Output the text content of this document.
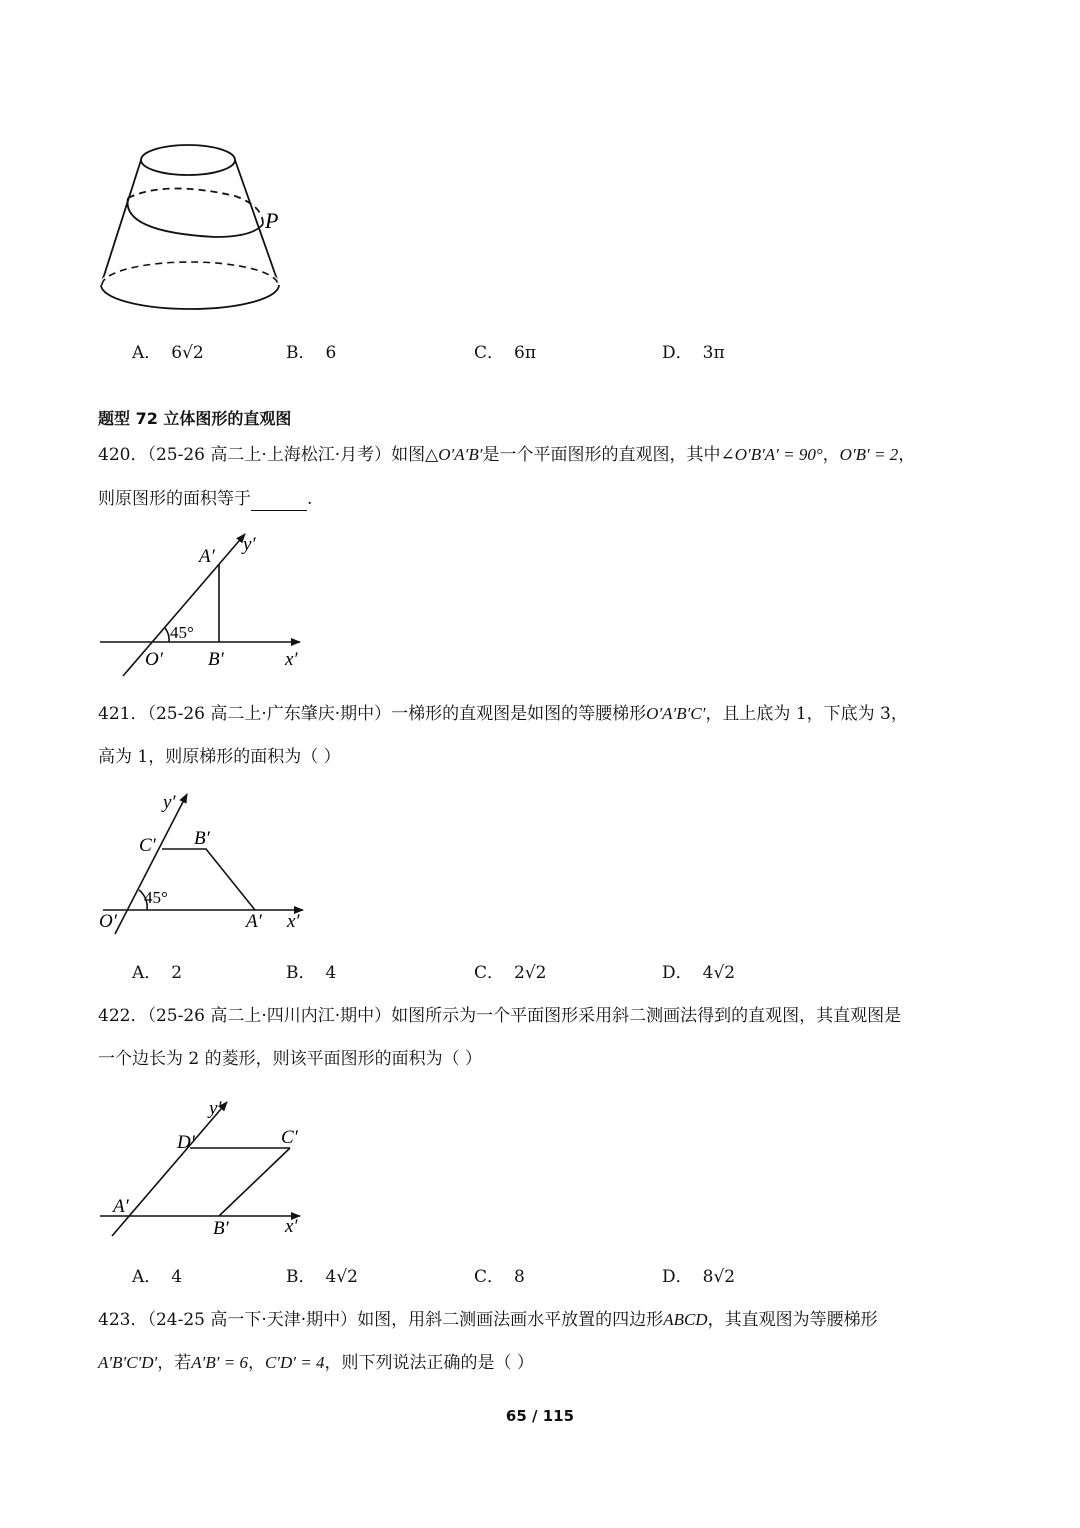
P
A． 6√2	B． 6	C． 6π	D． 3π
题型 72 立体图形的直观图
420．（25-26 高二上·上海松江·月考）如图△O′A′B′是一个平面图形的直观图，其中∠O′B′A′ = 90°，O′B′ = 2，
则原图形的面积等于	.
A′
y′
45°
O′ B′	x′
421．（25-26 高二上·广东肇庆·期中）一梯形的直观图是如图的等腰梯形O′A′B′C′，且上底为 1，下底为 3，
高为 1，则原梯形的面积为（ ）
y′
C′ B′
45°
O′	A′ x′
A． 2	B． 4	C． 2√2	D． 4√2
422．（25-26 高二上·四川内江·期中）如图所示为一个平面图形采用斜二测画法得到的直观图，其直观图是
一个边长为 2 的菱形，则该平面图形的面积为（ ）
y′
D′	C′
A′
B′	x′
A． 4	B． 4√2	C． 8	D． 8√2
423．（24-25 高一下·天津·期中）如图，用斜二测画法画水平放置的四边形ABCD，其直观图为等腰梯形
A′B′C′D′，若A′B′ = 6，C′D′ = 4，则下列说法正确的是（ ）
65 / 115
